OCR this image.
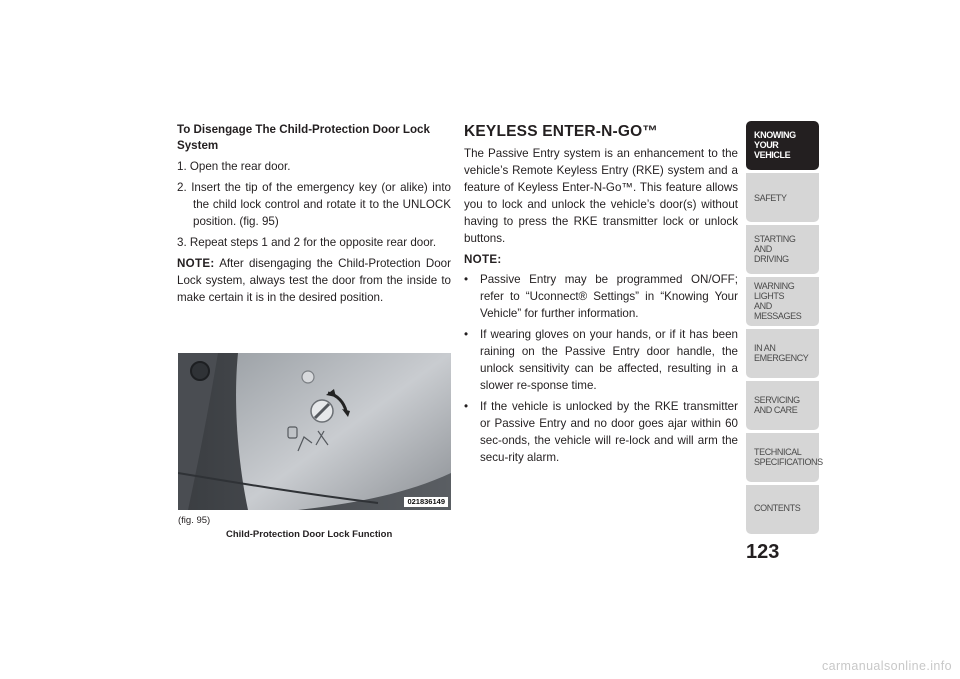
To Disengage The Child-Protection Door Lock System

1. Open the rear door.

2. Insert the tip of the emergency key (or alike) into the child lock control and rotate it to the UNLOCK position. (fig. 95)

3. Repeat steps 1 and 2 for the opposite rear door.

NOTE: After disengaging the Child-Protection Door Lock system, always test the door from the inside to make certain it is in the desired position.

021836149
(fig. 95)
Child-Protection Door Lock Function
KEYLESS ENTER-N-GO™

The Passive Entry system is an enhancement to the vehicle’s Remote Keyless Entry (RKE) system and a feature of Keyless Enter-N-Go™. This feature allows you to lock and unlock the vehicle’s door(s) without having to press the RKE transmitter lock or unlock buttons.

NOTE:

• Passive Entry may be programmed ON/OFF; refer to “Uconnect® Settings” in “Knowing Your Vehicle” for further information.

• If wearing gloves on your hands, or if it has been raining on the Passive Entry door handle, the unlock sensitivity can be affected, resulting in a slower re-sponse time.

• If the vehicle is unlocked by the RKE transmitter or Passive Entry and no door goes ajar within 60 sec-onds, the vehicle will re-lock and will arm the secu-rity alarm.

KNOWING
YOUR
VEHICLE
SAFETY
STARTING
AND
DRIVING
WARNING
LIGHTS
AND
MESSAGES
IN AN
EMERGENCY
SERVICING
AND CARE
TECHNICAL
SPECIFICATIONS
CONTENTS
123
carmanualsonline.info
